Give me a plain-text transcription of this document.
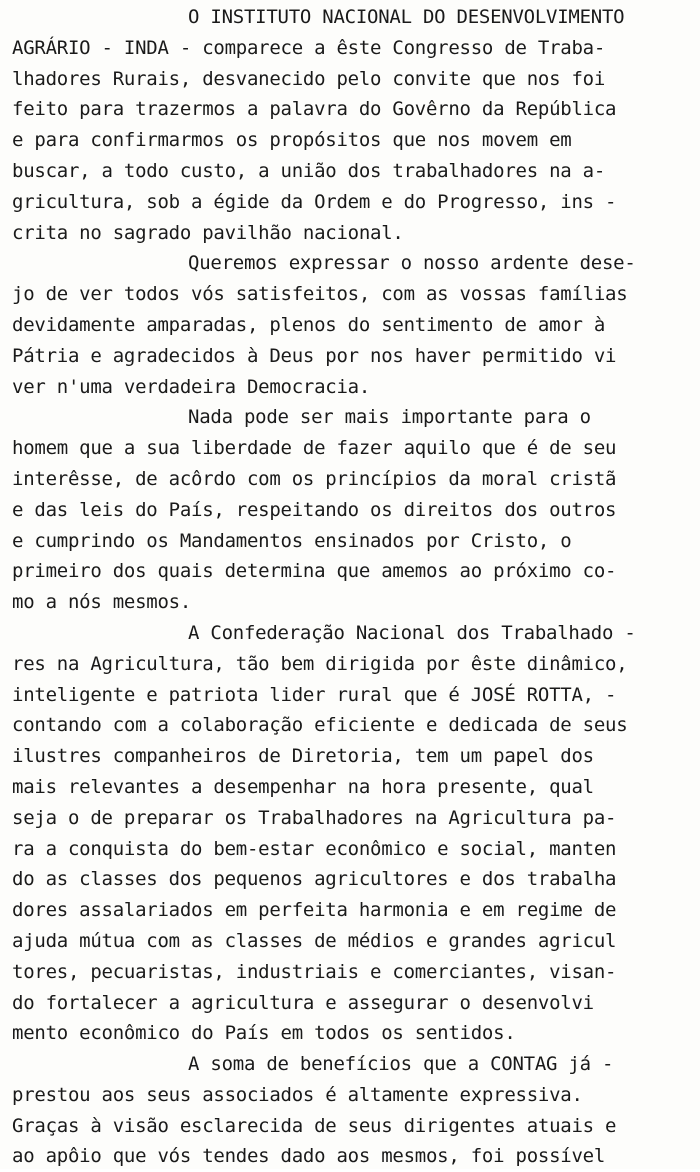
O INSTITUTO NACIONAL DO DESENVOLVIMENTO
AGRÁRIO - INDA - comparece a êste Congresso de Traba-
lhadores Rurais, desvanecido pelo convite que nos foi
feito para trazermos a palavra do Govêrno da República
e para confirmarmos os propósitos que nos movem em
buscar, a todo custo, a união dos trabalhadores na a-
gricultura, sob a égide da Ordem e do Progresso, ins -
crita no sagrado pavilhão nacional.
Queremos expressar o nosso ardente dese-
jo de ver todos vós satisfeitos, com as vossas famílias
devidamente amparadas, plenos do sentimento de amor à
Pátria e agradecidos à Deus por nos haver permitido vi
ver n'uma verdadeira Democracia.
Nada pode ser mais importante para o
homem que a sua liberdade de fazer aquilo que é de seu
interêsse, de acôrdo com os princípios da moral cristã
e das leis do País, respeitando os direitos dos outros
e cumprindo os Mandamentos ensinados por Cristo, o
primeiro dos quais determina que amemos ao próximo co-
mo a nós mesmos.
A Confederação Nacional dos Trabalhado -
res na Agricultura, tão bem dirigida por êste dinâmico,
inteligente e patriota lider rural que é JOSÉ ROTTA, -
contando com a colaboração eficiente e dedicada de seus
ilustres companheiros de Diretoria, tem um papel dos
mais relevantes a desempenhar na hora presente, qual
seja o de preparar os Trabalhadores na Agricultura pa-
ra a conquista do bem-estar econômico e social, manten
do as classes dos pequenos agricultores e dos trabalha
dores assalariados em perfeita harmonia e em regime de
ajuda mútua com as classes de médios e grandes agricul
tores, pecuaristas, industriais e comerciantes, visan-
do fortalecer a agricultura e assegurar o desenvolvi
mento econômico do País em todos os sentidos.
A soma de benefícios que a CONTAG já -
prestou aos seus associados é altamente expressiva.
Graças à visão esclarecida de seus dirigentes atuais e
ao apôio que vós tendes dado aos mesmos, foi possível
